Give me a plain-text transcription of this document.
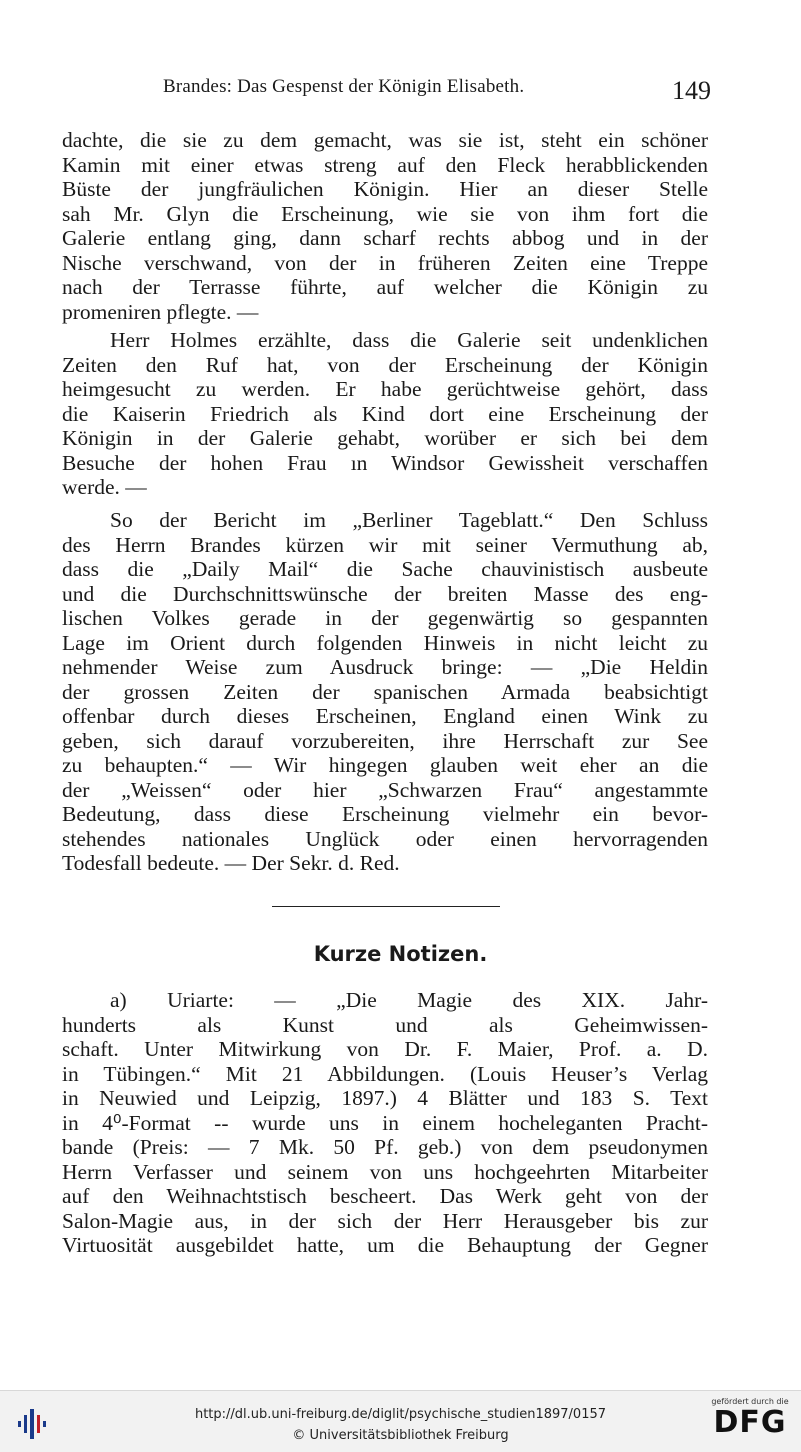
Brandes: Das Gespenst der Königin Elisabeth.	149
dachte, die sie zu dem gemacht, was sie ist, steht ein schöner
Kamin mit einer etwas streng auf den Fleck herabblickenden
Büste der jungfräulichen Königin. Hier an dieser Stelle
sah Mr. Glyn die Erscheinung, wie sie von ihm fort die
Galerie entlang ging, dann scharf rechts abbog und in der
Nische verschwand, von der in früheren Zeiten eine Treppe
nach der Terrasse führte, auf welcher die Königin zu
promeniren pflegte. —
Herr Holmes erzählte, dass die Galerie seit undenklichen
Zeiten den Ruf hat, von der Erscheinung der Königin
heimgesucht zu werden. Er habe gerüchtweise gehört, dass
die Kaiserin Friedrich als Kind dort eine Erscheinung der
Königin in der Galerie gehabt, worüber er sich bei dem
Besuche der hohen Frau ın Windsor Gewissheit verschaffen
werde. —
So der Bericht im „Berliner Tageblatt.“ Den Schluss
des Herrn Brandes kürzen wir mit seiner Vermuthung ab,
dass die „Daily Mail“ die Sache chauvinistisch ausbeute
und die Durchschnittswünsche der breiten Masse des eng-
lischen Volkes gerade in der gegenwärtig so gespannten
Lage im Orient durch folgenden Hinweis in nicht leicht zu
nehmender Weise zum Ausdruck bringe: — „Die Heldin
der grossen Zeiten der spanischen Armada beabsichtigt
offenbar durch dieses Erscheinen, England einen Wink zu
geben, sich darauf vorzubereiten, ihre Herrschaft zur See
zu behaupten.“ — Wir hingegen glauben weit eher an die
der „Weissen“ oder hier „Schwarzen Frau“ angestammte
Bedeutung, dass diese Erscheinung vielmehr ein bevor-
stehendes nationales Unglück oder einen hervorragenden
Todesfall bedeute. — Der Sekr. d. Red.
Kurze Notizen.
a) Uriarte: — „Die Magie des XIX. Jahr-
hunderts als Kunst und als Geheimwissen-
schaft. Unter Mitwirkung von Dr. F. Maier, Prof. a. D.
in Tübingen.“ Mit 21 Abbildungen. (Louis Heuser’s Verlag
in Neuwied und Leipzig, 1897.) 4 Blätter und 183 S. Text
in 4⁰-Format -- wurde uns in einem hocheleganten Pracht-
bande (Preis: — 7 Mk. 50 Pf. geb.) von dem pseudonymen
Herrn Verfasser und seinem von uns hochgeehrten Mitarbeiter
auf den Weihnachtstisch bescheert. Das Werk geht von der
Salon-Magie aus, in der sich der Herr Herausgeber bis zur
Virtuosität ausgebildet hatte, um die Behauptung der Gegner
http://dl.ub.uni-freiburg.de/diglit/psychische_studien1897/0157
© Universitätsbibliothek Freiburg
gefördert durch die
DFG
